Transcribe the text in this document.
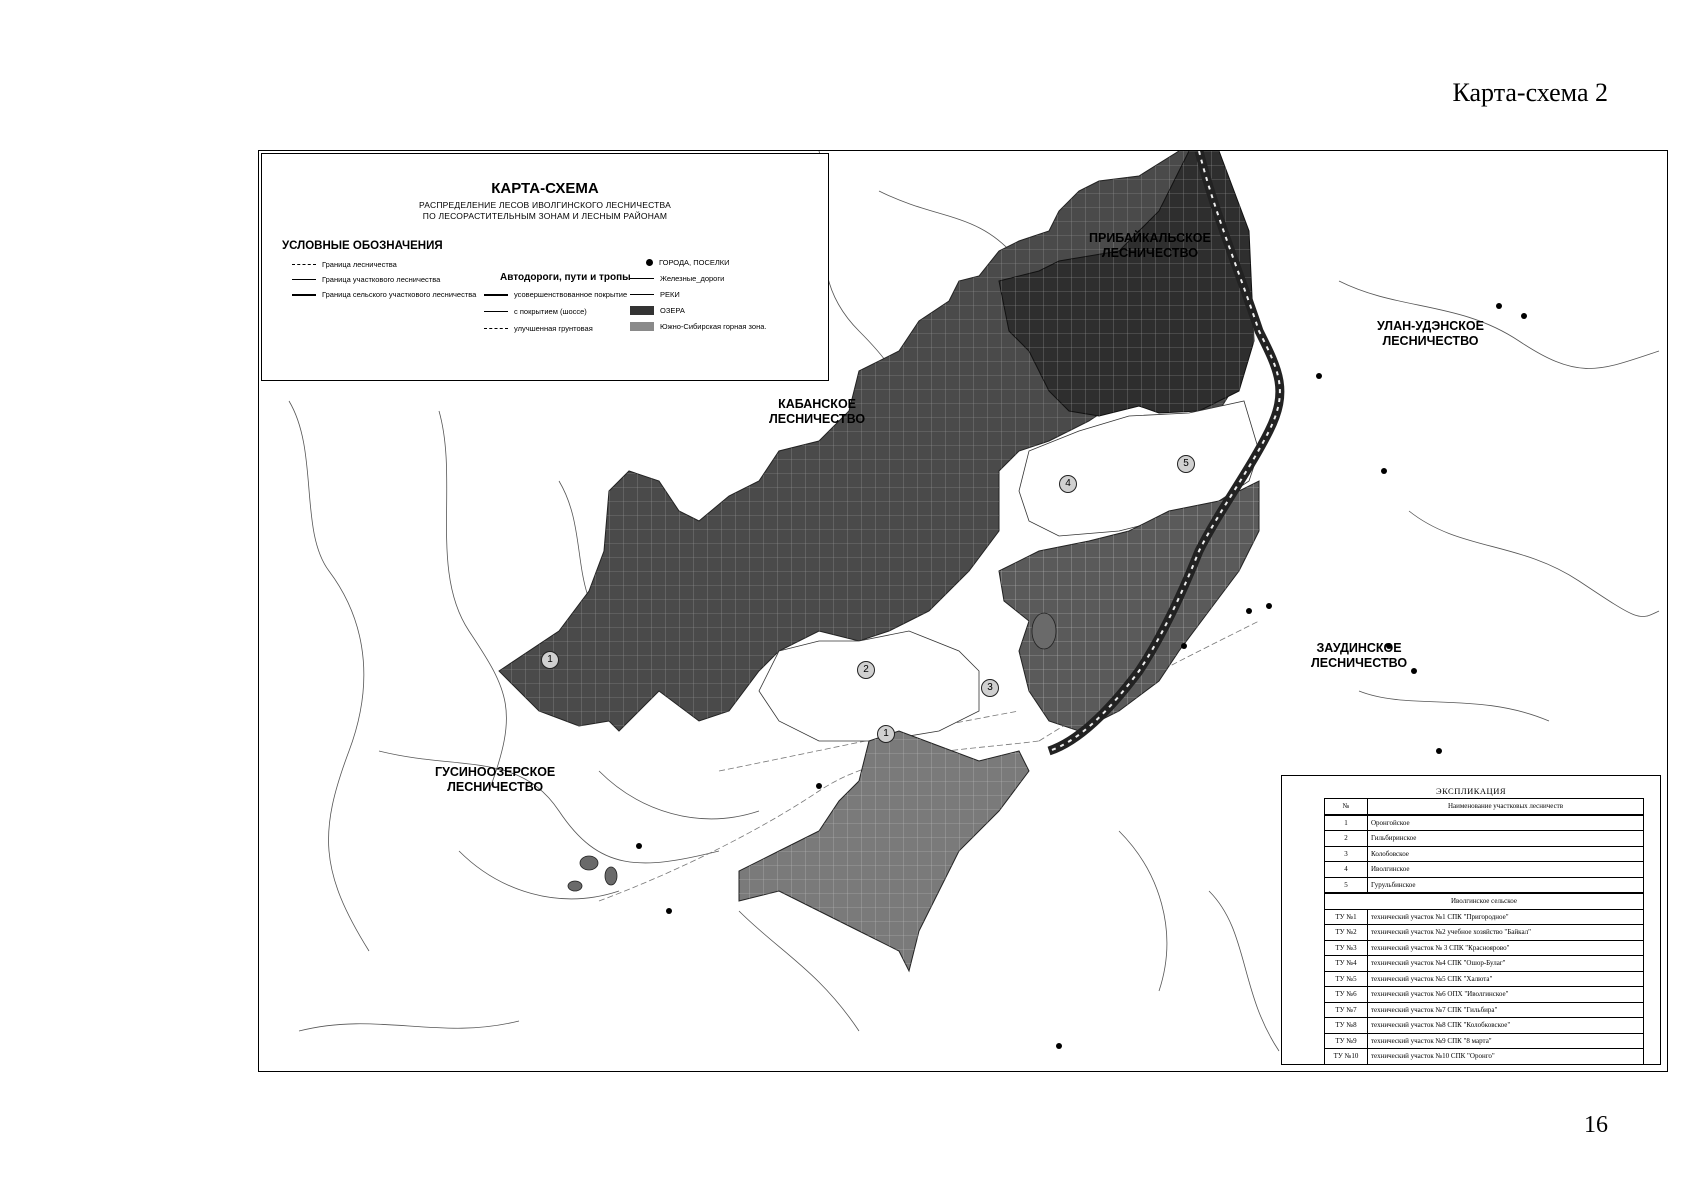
Карта-схема 2
КАРТА-СХЕМА
РАСПРЕДЕЛЕНИЕ ЛЕСОВ ИВОЛГИНСКОГО ЛЕСНИЧЕСТВА
ПО ЛЕСОРАСТИТЕЛЬНЫМ ЗОНАМ И ЛЕСНЫМ РАЙОНАМ
УСЛОВНЫЕ ОБОЗНАЧЕНИЯ
Граница лесничества
Граница участкового лесничества
Граница сельского участкового лесничества
Автодороги, пути и тропы
усовершенствованное покрытие
с покрытием (шоссе)
улучшенная грунтовая
ГОРОДА, ПОСЕЛКИ
Железные_дороги
РЕКИ
ОЗЕРА
Южно-Сибирская горная зона.
ПРИБАЙКАЛЬСКОЕ
ЛЕСНИЧЕСТВО
УЛАН-УДЭНСКОЕ
ЛЕСНИЧЕСТВО
КАБАНСКОЕ
ЛЕСНИЧЕСТВО
ЗАУДИНСКОЕ
ЛЕСНИЧЕСТВО
ГУСИНООЗЕРСКОЕ
ЛЕСНИЧЕСТВО
1
2
3
4
5
1
ЭКСПЛИКАЦИЯ
№	Наименование участковых лесничеств
1	Оронгойское
2	Гильбиринское
3	Колобовское
4	Иволгинское
5	Гурульбинское
Иволгинское сельское	
ТУ №1	технический участок №1 СПК "Пригородное"
ТУ №2	технический участок №2 учебное хозяйство "Байкал"
ТУ №3	технический участок № 3 СПК "Красноярово"
ТУ №4	технический участок №4 СПК "Ошор-Булаг"
ТУ №5	технический участок №5 СПК "Халюта"
ТУ №6	технический участок №6 ОПХ "Иволгинское"
ТУ №7	технический участок №7 СПК "Гильбира"
ТУ №8	технический участок №8 СПК "Колобковское"
ТУ №9	технический участок №9 СПК "8 марта"
ТУ №10	технический участок №10 СПК "Оронго"
16
